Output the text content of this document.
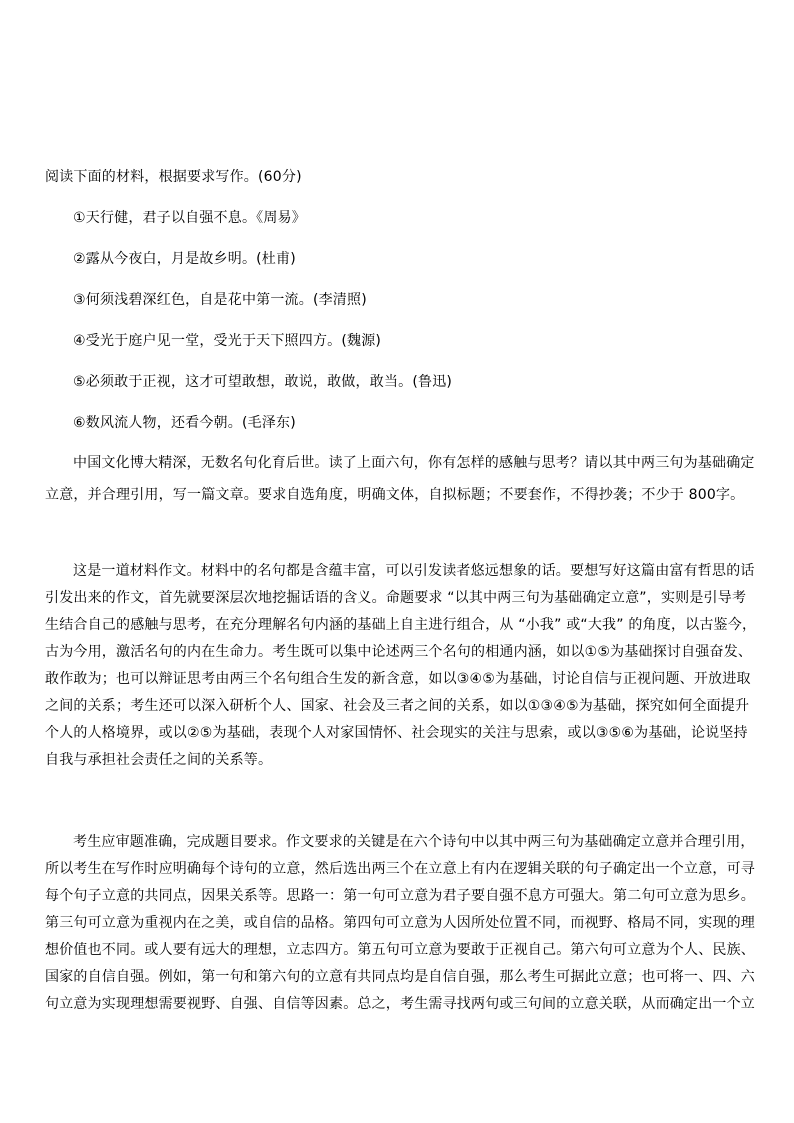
阅读下面的材料，根据要求写作。(60分)
①天行健，君子以自强不息。《周易》
②露从今夜白，月是故乡明。(杜甫)
③何须浅碧深红色，自是花中第一流。(李清照)
④受光于庭户见一堂，受光于天下照四方。(魏源)
⑤必须敢于正视，这才可望敢想，敢说，敢做，敢当。(鲁迅)
⑥数风流人物，还看今朝。(毛泽东)
中国文化博大精深，无数名句化育后世。读了上面六句，你有怎样的感触与思考？请以其中两三句为基础确定
立意，并合理引用，写一篇文章。要求自选角度，明确文体，自拟标题；不要套作，不得抄袭；不少于 800字。
这是一道材料作文。材料中的名句都是含蕴丰富，可以引发读者悠远想象的话。要想写好这篇由富有哲思的话
引发出来的作文，首先就要深层次地挖掘话语的含义。命题要求 “以其中两三句为基础确定立意”，实则是引导考
生结合自己的感触与思考，在充分理解名句内涵的基础上自主进行组合，从 “小我” 或“大我” 的角度，以古鉴今，
古为今用，激活名句的内在生命力。考生既可以集中论述两三个名句的相通内涵，如以①⑤为基础探讨自强奋发、
敢作敢为；也可以辩证思考由两三个名句组合生发的新含意，如以③④⑤为基础，讨论自信与正视问题、开放进取
之间的关系；考生还可以深入研析个人、国家、社会及三者之间的关系，如以①③④⑤为基础，探究如何全面提升
个人的人格境界，或以②⑤为基础，表现个人对家国情怀、社会现实的关注与思索，或以③⑤⑥为基础，论说坚持
自我与承担社会责任之间的关系等。
考生应审题准确，完成题目要求。作文要求的关键是在六个诗句中以其中两三句为基础确定立意并合理引用，
所以考生在写作时应明确每个诗句的立意，然后选出两三个在立意上有内在逻辑关联的句子确定出一个立意，可寻
每个句子立意的共同点，因果关系等。思路一：第一句可立意为君子要自强不息方可强大。第二句可立意为思乡。
第三句可立意为重视内在之美，或自信的品格。第四句可立意为人因所处位置不同，而视野、格局不同，实现的理
想价值也不同。或人要有远大的理想，立志四方。第五句可立意为要敢于正视自己。第六句可立意为个人、民族、
国家的自信自强。例如，第一句和第六句的立意有共同点均是自信自强，那么考生可据此立意；也可将一、四、六
句立意为实现理想需要视野、自强、自信等因素。总之，考生需寻找两句或三句间的立意关联，从而确定出一个立
